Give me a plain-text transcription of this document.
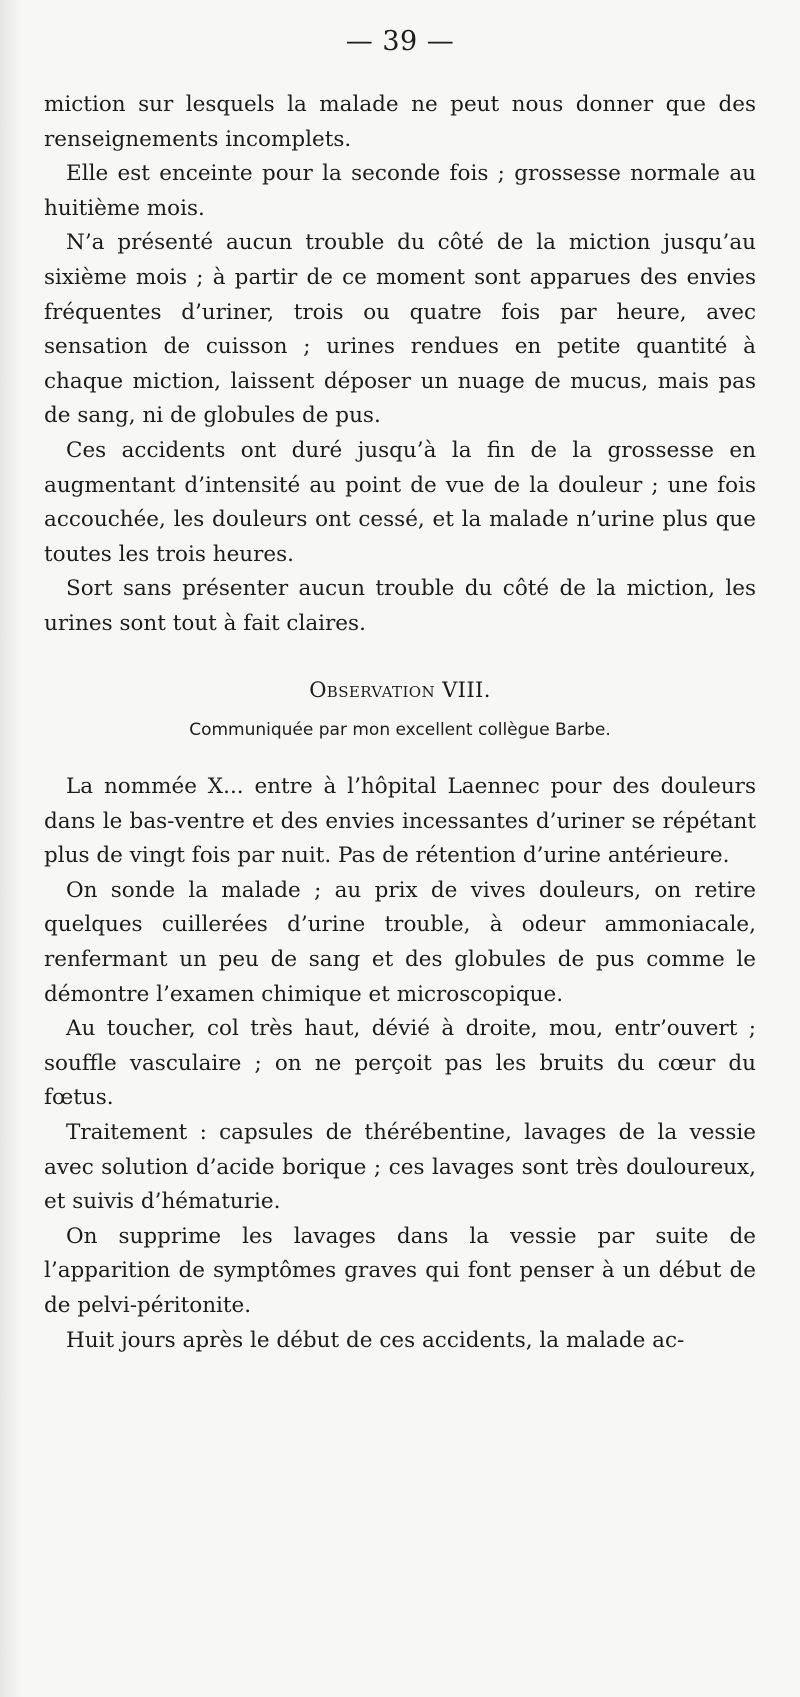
— 39 —

miction sur lesquels la malade ne peut nous donner que des renseignements incomplets.

Elle est enceinte pour la seconde fois ; grossesse normale au huitième mois.

N’a présenté aucun trouble du côté de la miction jusqu’au sixième mois ; à partir de ce moment sont apparues des envies fréquentes d’uriner, trois ou quatre fois par heure, avec sensation de cuisson ; urines rendues en petite quantité à chaque miction, laissent déposer un nuage de mucus, mais pas de sang, ni de globules de pus.

Ces accidents ont duré jusqu’à la fin de la grossesse en augmentant d’intensité au point de vue de la douleur ; une fois accouchée, les douleurs ont cessé, et la malade n’urine plus que toutes les trois heures.

Sort sans présenter aucun trouble du côté de la miction, les urines sont tout à fait claires.

Observation VIII.
Communiquée par mon excellent collègue Barbe.

La nommée X... entre à l’hôpital Laennec pour des douleurs dans le bas-ventre et des envies incessantes d’uriner se répétant plus de vingt fois par nuit. Pas de rétention d’urine antérieure.

On sonde la malade ; au prix de vives douleurs, on retire quelques cuillerées d’urine trouble, à odeur ammoniacale, renfermant un peu de sang et des globules de pus comme le démontre l’examen chimique et microscopique.

Au toucher, col très haut, dévié à droite, mou, entr’ouvert ; souffle vasculaire ; on ne perçoit pas les bruits du cœur du fœtus.

Traitement : capsules de thérébentine, lavages de la vessie avec solution d’acide borique ; ces lavages sont très douloureux, et suivis d’hématurie.

On supprime les lavages dans la vessie par suite de l’apparition de symptômes graves qui font penser à un début de de pelvi-péritonite.

Huit jours après le début de ces accidents, la malade ac-
